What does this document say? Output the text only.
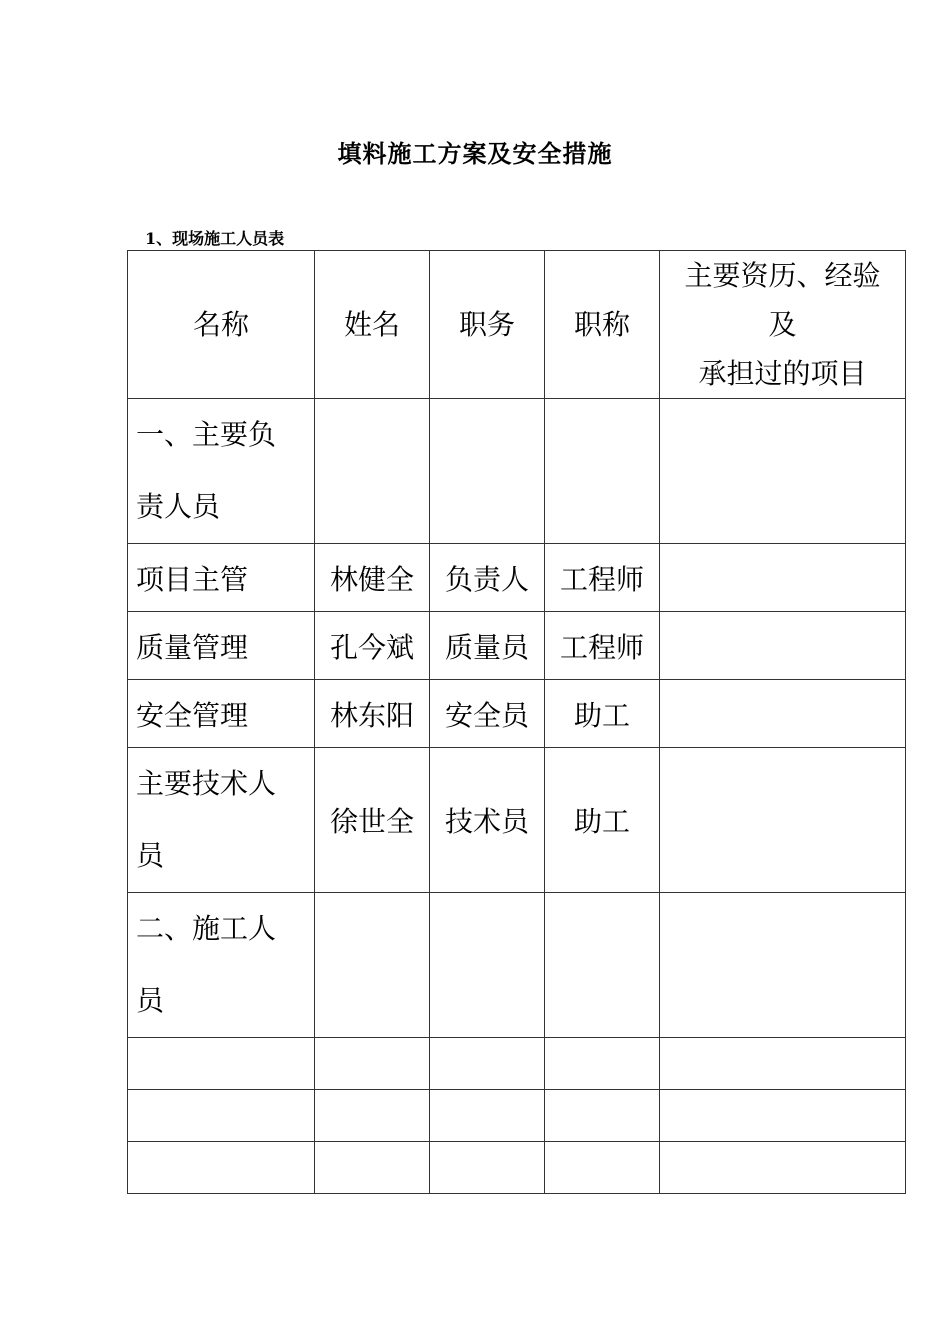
填料施工方案及安全措施
1、现场施工人员表
名称	姓名	职务	职称	主要资历、经验
及
承担过的项目

一、主要负
责人员				

项目主管	林健全	负责人	工程师	
质量管理	孔今斌	质量员	工程师	
安全管理	林东阳	安全员	助工	

主要技术人
员	徐世全	技术员	助工	

二、施工人
员				
